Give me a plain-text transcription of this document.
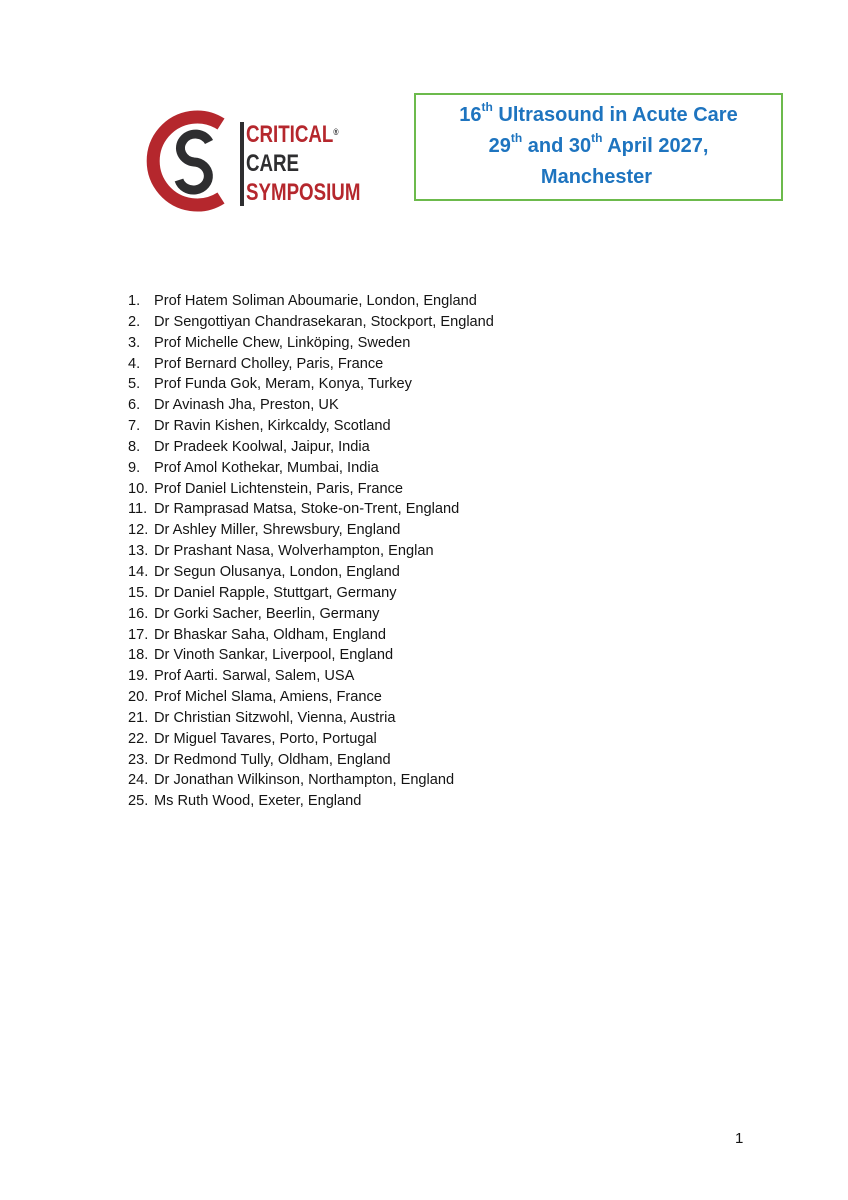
CRITICAL®
CARE
SYMPOSIUM
16th Ultrasound in Acute Care
29th and 30th April 2027,
Manchester
1. Prof Hatem Soliman Aboumarie, London, England
2. Dr Sengottiyan Chandrasekaran, Stockport, England
3. Prof Michelle Chew, Linköping, Sweden
4. Prof Bernard Cholley, Paris, France
5. Prof Funda Gok, Meram, Konya, Turkey
6. Dr Avinash Jha, Preston, UK
7. Dr Ravin Kishen, Kirkcaldy, Scotland
8. Dr Pradeek Koolwal, Jaipur, India
9. Prof Amol Kothekar, Mumbai, India
10. Prof Daniel Lichtenstein, Paris, France
11. Dr Ramprasad Matsa, Stoke-on-Trent, England
12. Dr Ashley Miller, Shrewsbury, England
13. Dr Prashant Nasa, Wolverhampton, Englan
14. Dr Segun Olusanya, London, England
15. Dr Daniel Rapple, Stuttgart, Germany
16. Dr Gorki Sacher, Beerlin, Germany
17. Dr Bhaskar Saha, Oldham, England
18. Dr Vinoth Sankar, Liverpool, England
19. Prof Aarti. Sarwal, Salem, USA
20. Prof Michel Slama, Amiens, France
21. Dr Christian Sitzwohl, Vienna, Austria
22. Dr Miguel Tavares, Porto, Portugal
23. Dr Redmond Tully, Oldham, England
24. Dr Jonathan Wilkinson, Northampton, England
25. Ms Ruth Wood, Exeter, England
1
